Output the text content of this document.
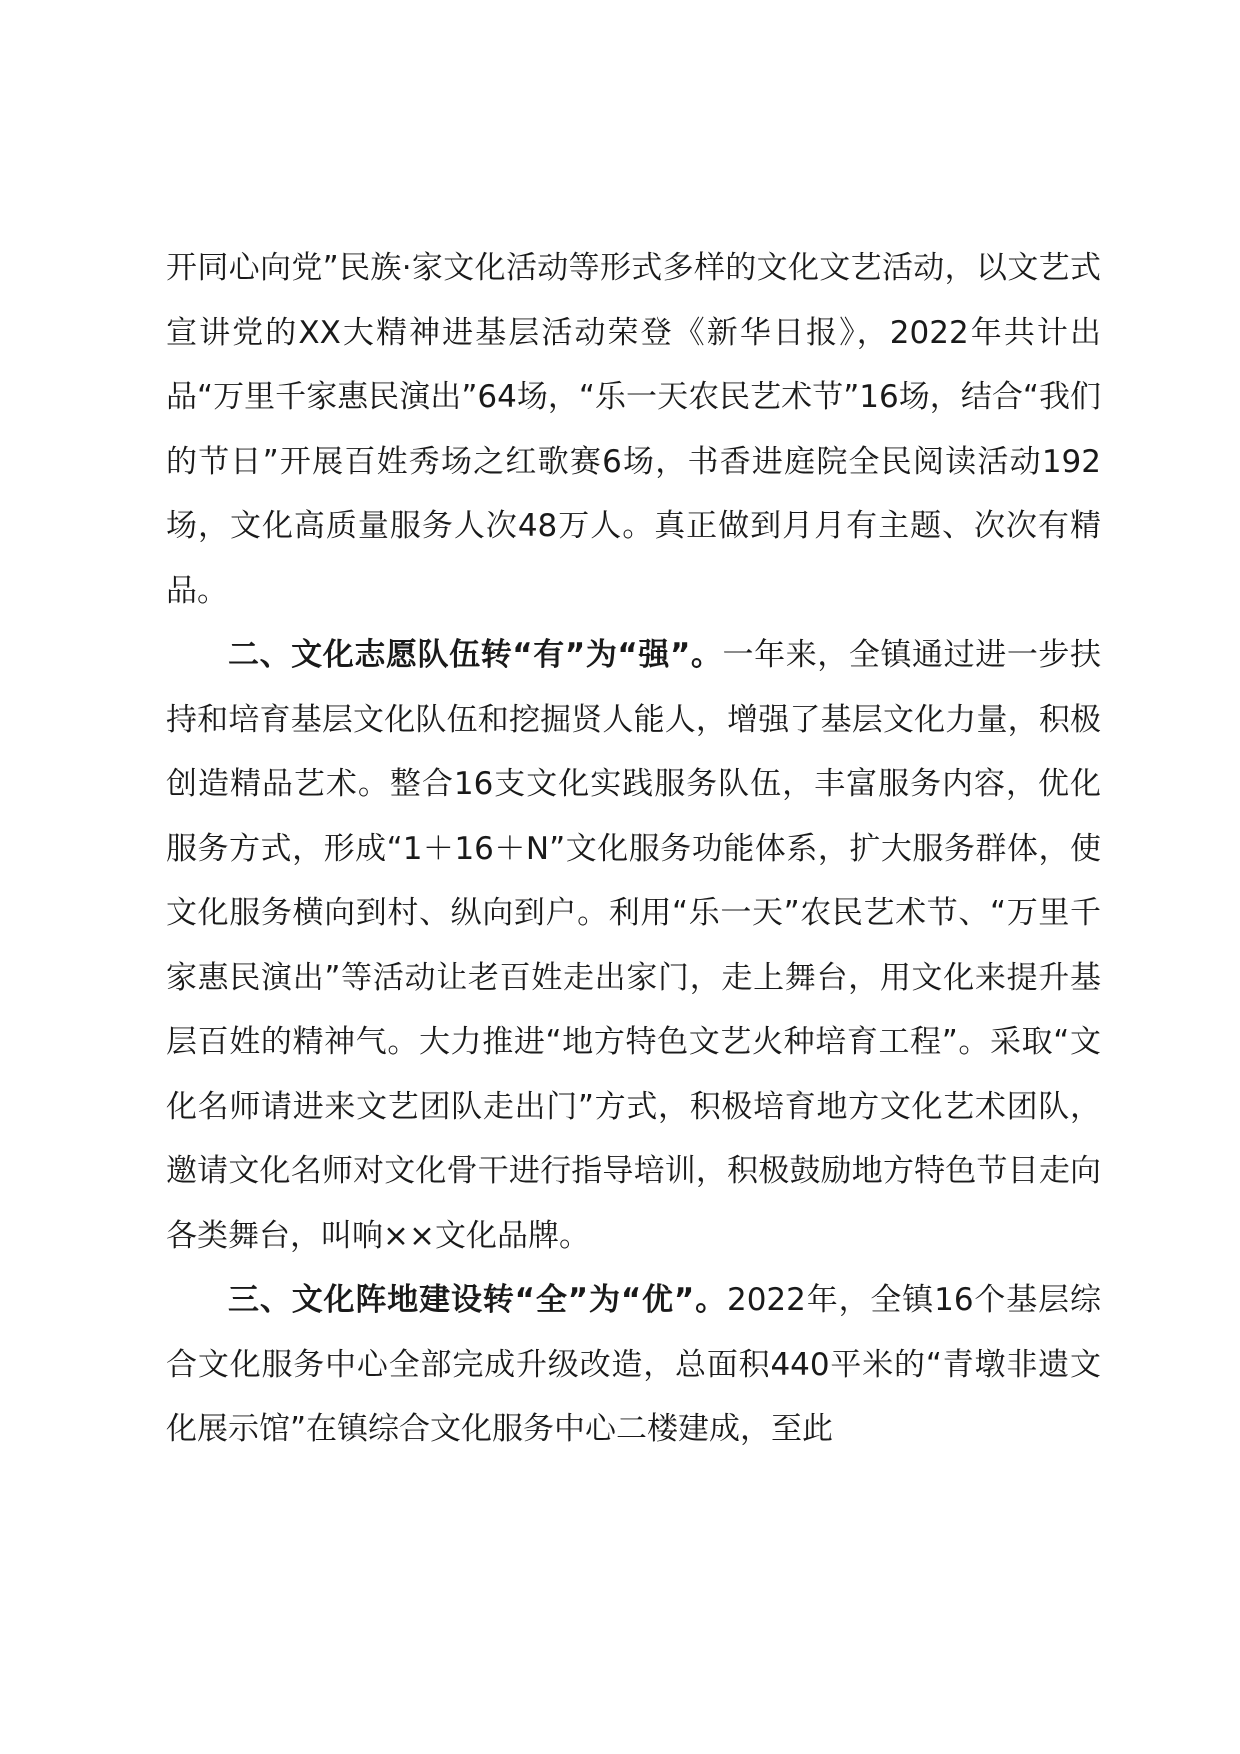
开同心向党”民族·家文化活动等形式多样的文化文艺活动，以文艺式宣讲党的XX大精神进基层活动荣登《新华日报》，2022年共计出品“万里千家惠民演出”64场，“乐一天农民艺术节”16场，结合“我们的节日”开展百姓秀场之红歌赛6场，书香进庭院全民阅读活动192场，文化高质量服务人次48万人。真正做到月月有主题、次次有精品。

二、文化志愿队伍转“有”为“强”。一年来，全镇通过进一步扶持和培育基层文化队伍和挖掘贤人能人，增强了基层文化力量，积极创造精品艺术。整合16支文化实践服务队伍，丰富服务内容，优化服务方式，形成“1＋16＋N”文化服务功能体系，扩大服务群体，使文化服务横向到村、纵向到户。利用“乐一天”农民艺术节、“万里千家惠民演出”等活动让老百姓走出家门，走上舞台，用文化来提升基层百姓的精神气。大力推进“地方特色文艺火种培育工程”。采取“文化名师请进来文艺团队走出门”方式，积极培育地方文化艺术团队，邀请文化名师对文化骨干进行指导培训，积极鼓励地方特色节目走向各类舞台，叫响××文化品牌。

三、文化阵地建设转“全”为“优”。2022年，全镇16个基层综合文化服务中心全部完成升级改造，总面积440平米的“青墩非遗文化展示馆”在镇综合文化服务中心二楼建成，至此
